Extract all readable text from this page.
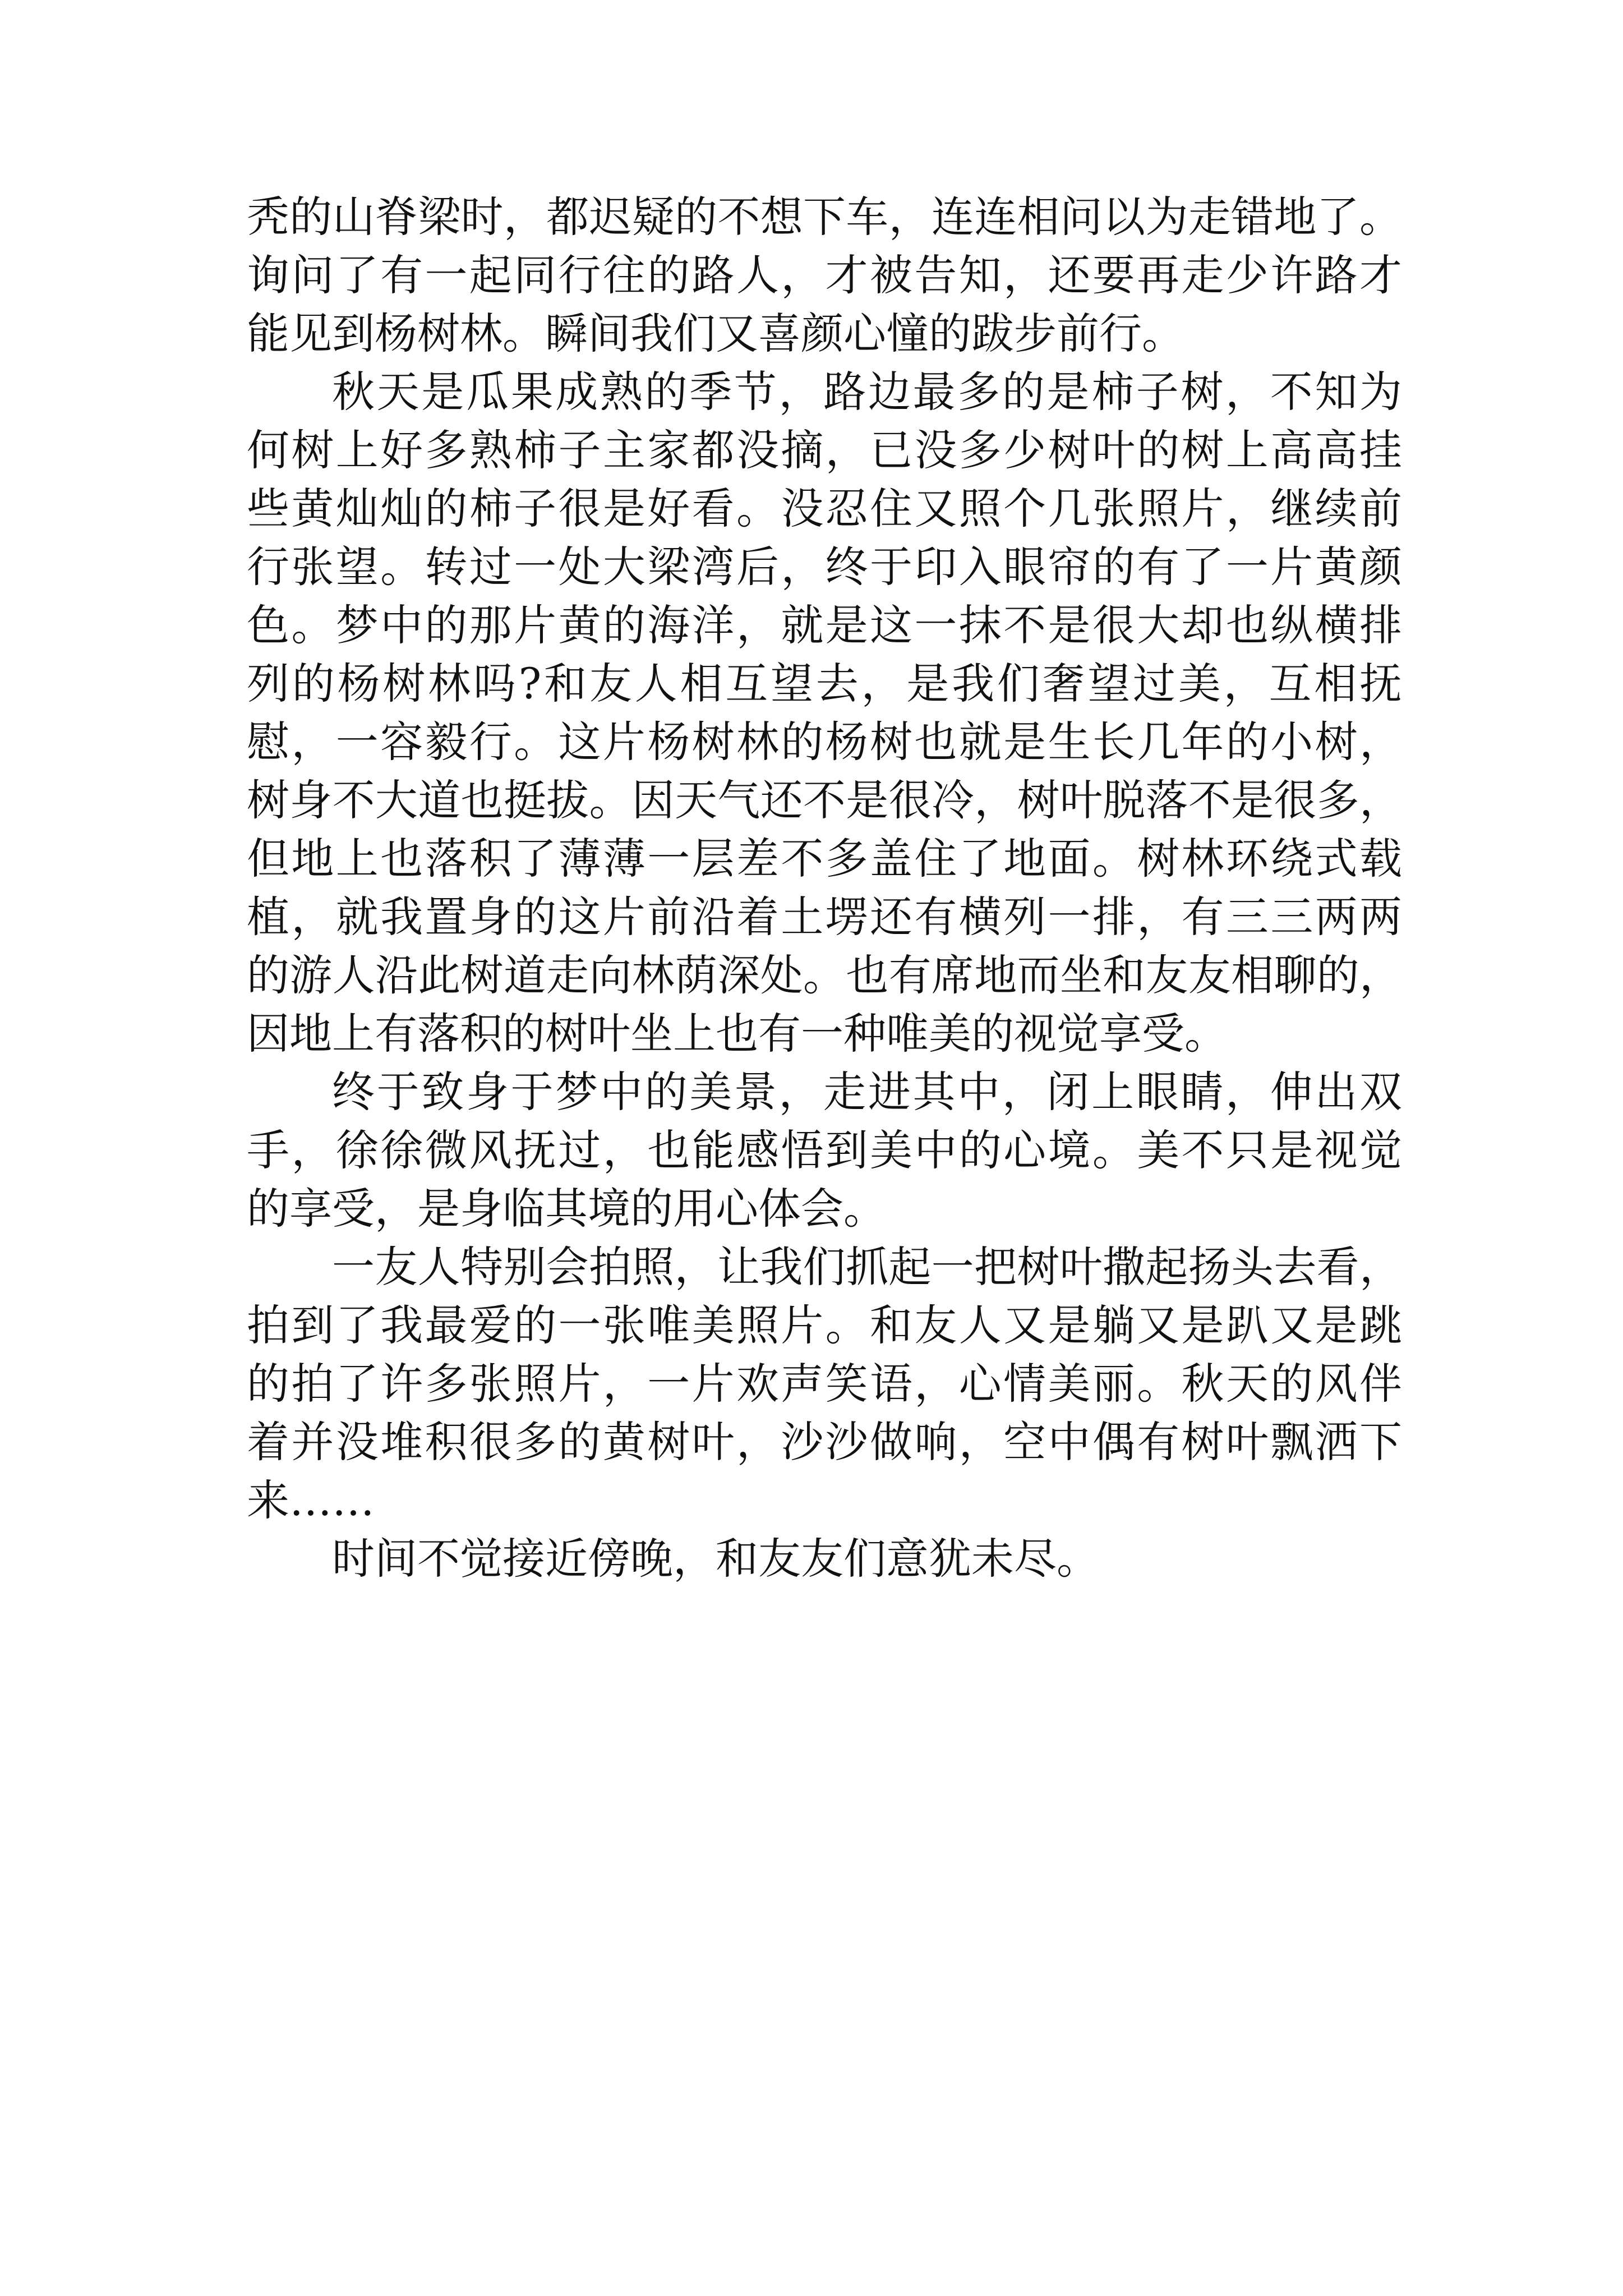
秃的山脊梁时，都迟疑的不想下车，连连相问以为走错地了。
询问了有一起同行往的路人，才被告知，还要再走少许路才
能见到杨树林。瞬间我们又喜颜心憧的跋步前行。
秋天是瓜果成熟的季节，路边最多的是柿子树，不知为
何树上好多熟柿子主家都没摘，已没多少树叶的树上高高挂
些黄灿灿的柿子很是好看。没忍住又照个几张照片，继续前
行张望。转过一处大梁湾后，终于印入眼帘的有了一片黄颜
色。梦中的那片黄的海洋，就是这一抹不是很大却也纵横排
列的杨树林吗?和友人相互望去，是我们奢望过美，互相抚
慰，一容毅行。这片杨树林的杨树也就是生长几年的小树，
树身不大道也挺拔。因天气还不是很冷，树叶脱落不是很多，
但地上也落积了薄薄一层差不多盖住了地面。树林环绕式载
植，就我置身的这片前沿着土塄还有横列一排，有三三两两
的游人沿此树道走向林荫深处。也有席地而坐和友友相聊的，
因地上有落积的树叶坐上也有一种唯美的视觉享受。
终于致身于梦中的美景，走进其中，闭上眼睛，伸出双
手，徐徐微风抚过，也能感悟到美中的心境。美不只是视觉
的享受，是身临其境的用心体会。
一友人特别会拍照，让我们抓起一把树叶撒起扬头去看，
拍到了我最爱的一张唯美照片。和友人又是躺又是趴又是跳
的拍了许多张照片，一片欢声笑语，心情美丽。秋天的风伴
着并没堆积很多的黄树叶，沙沙做响，空中偶有树叶飘洒下
来……
时间不觉接近傍晚，和友友们意犹未尽。
